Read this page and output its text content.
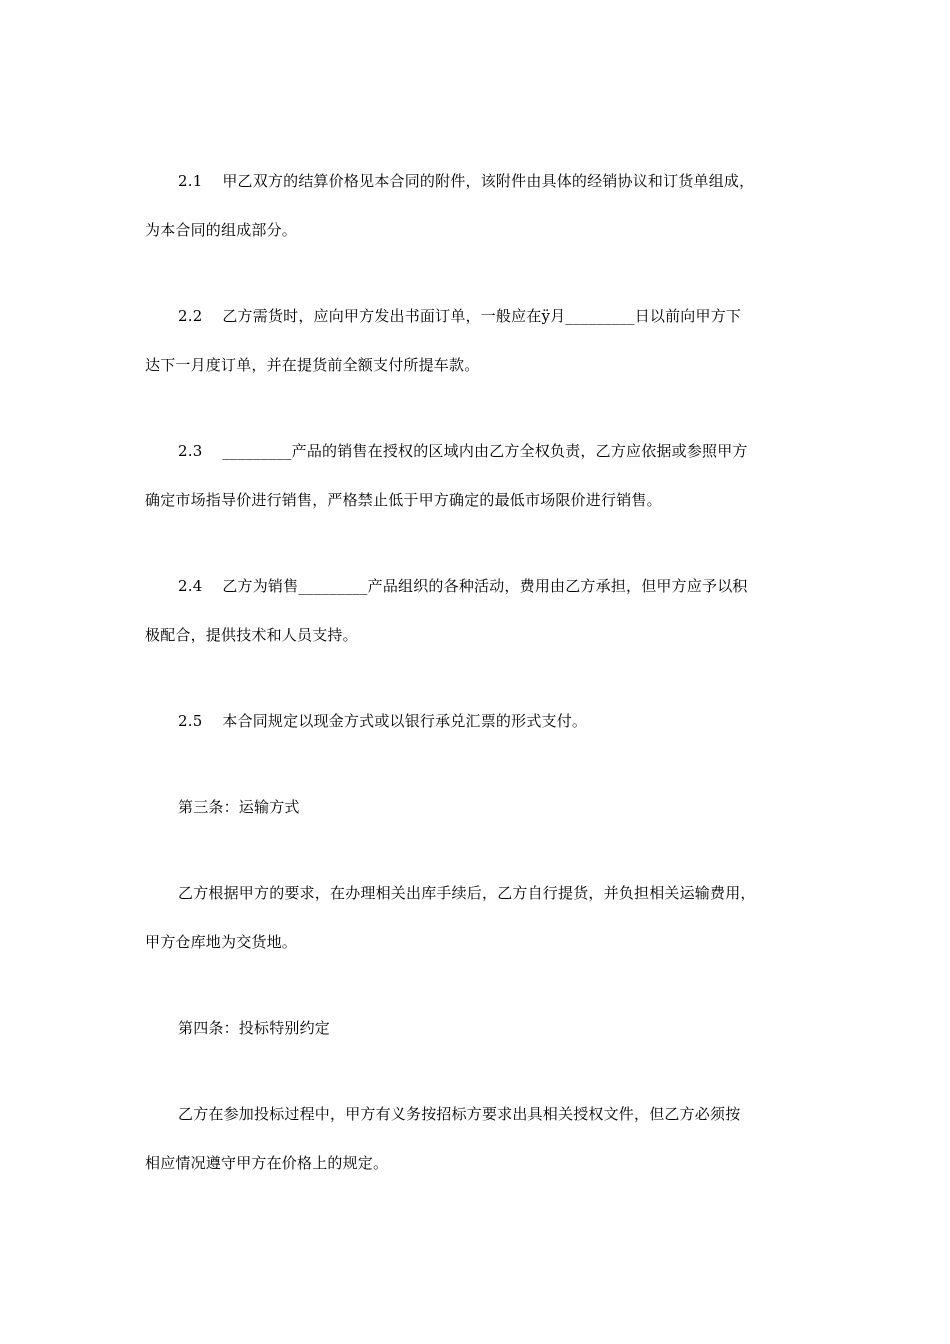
2.1    甲乙双方的结算价格见本合同的附件，该附件由具体的经销协议和订货单组成，
为本合同的组成部分。
2.2    乙方需货时，应向甲方发出书面订单，一般应在ÿ月_________日以前向甲方下
达下一月度订单，并在提货前全额支付所提车款。
2.3    _________产品的销售在授权的区域内由乙方全权负责，乙方应依据或参照甲方
确定市场指导价进行销售，严格禁止低于甲方确定的最低市场限价进行销售。
2.4    乙方为销售_________产品组织的各种活动，费用由乙方承担，但甲方应予以积
极配合，提供技术和人员支持。
2.5    本合同规定以现金方式或以银行承兑汇票的形式支付。
第三条：运输方式
乙方根据甲方的要求，在办理相关出库手续后，乙方自行提货，并负担相关运输费用，
甲方仓库地为交货地。
第四条：投标特别约定
乙方在参加投标过程中，甲方有义务按招标方要求出具相关授权文件，但乙方必须按
相应情况遵守甲方在价格上的规定。
